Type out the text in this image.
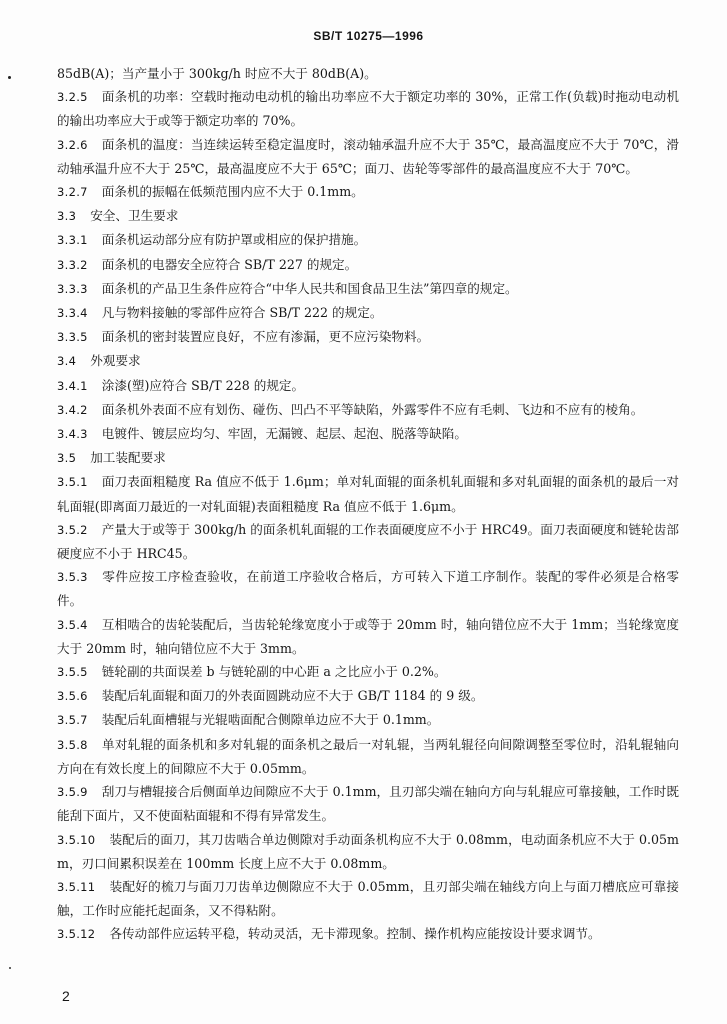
SB/T 10275—1996

85dB(A)；当产量小于 300kg/h 时应不大于 80dB(A)。

3.2.5 面条机的功率：空载时拖动电动机的输出功率应不大于额定功率的 30%，正常工作(负载)时拖动电动机的输出功率应大于或等于额定功率的 70%。

3.2.6 面条机的温度：当连续运转至稳定温度时，滚动轴承温升应不大于 35℃，最高温度应不大于 70℃，滑动轴承温升应不大于 25℃，最高温度应不大于 65℃；面刀、齿轮等零部件的最高温度应不大于 70℃。

3.2.7 面条机的振幅在低频范围内应不大于 0.1mm。

3.3 安全、卫生要求

3.3.1 面条机运动部分应有防护罩或相应的保护措施。

3.3.2 面条机的电器安全应符合 SB/T 227 的规定。

3.3.3 面条机的产品卫生条件应符合“中华人民共和国食品卫生法”第四章的规定。

3.3.4 凡与物料接触的零部件应符合 SB/T 222 的规定。

3.3.5 面条机的密封装置应良好，不应有渗漏，更不应污染物料。

3.4 外观要求

3.4.1 涂漆(塑)应符合 SB/T 228 的规定。

3.4.2 面条机外表面不应有划伤、碰伤、凹凸不平等缺陷，外露零件不应有毛刺、飞边和不应有的棱角。

3.4.3 电镀件、镀层应均匀、牢固，无漏镀、起层、起泡、脱落等缺陷。

3.5 加工装配要求

3.5.1 面刀表面粗糙度 Ra 值应不低于 1.6μm；单对轧面辊的面条机轧面辊和多对轧面辊的面条机的最后一对轧面辊(即离面刀最近的一对轧面辊)表面粗糙度 Ra 值应不低于 1.6μm。

3.5.2 产量大于或等于 300kg/h 的面条机轧面辊的工作表面硬度应不小于 HRC49。面刀表面硬度和链轮齿部硬度应不小于 HRC45。

3.5.3 零件应按工序检查验收，在前道工序验收合格后，方可转入下道工序制作。装配的零件必须是合格零件。

3.5.4 互相啮合的齿轮装配后，当齿轮轮缘宽度小于或等于 20mm 时，轴向错位应不大于 1mm；当轮缘宽度大于 20mm 时，轴向错位应不大于 3mm。

3.5.5 链轮副的共面误差 b 与链轮副的中心距 a 之比应小于 0.2%。

3.5.6 装配后轧面辊和面刀的外表面圆跳动应不大于 GB/T 1184 的 9 级。

3.5.7 装配后轧面槽辊与光辊啮面配合侧隙单边应不大于 0.1mm。

3.5.8 单对轧辊的面条机和多对轧辊的面条机之最后一对轧辊，当两轧辊径向间隙调整至零位时，沿轧辊轴向方向在有效长度上的间隙应不大于 0.05mm。

3.5.9 刮刀与槽辊接合后侧面单边间隙应不大于 0.1mm，且刃部尖端在轴向方向与轧辊应可靠接触，工作时既能刮下面片，又不使面粘面辊和不得有异常发生。

3.5.10 装配后的面刀，其刀齿啮合单边侧隙对手动面条机构应不大于 0.08mm，电动面条机应不大于 0.05mm，刃口间累积误差在 100mm 长度上应不大于 0.08mm。

3.5.11 装配好的梳刀与面刀刀齿单边侧隙应不大于 0.05mm，且刃部尖端在轴线方向上与面刀槽底应可靠接触，工作时应能托起面条，又不得粘附。

3.5.12 各传动部件应运转平稳，转动灵活，无卡滞现象。控制、操作机构应能按设计要求调节。

2
